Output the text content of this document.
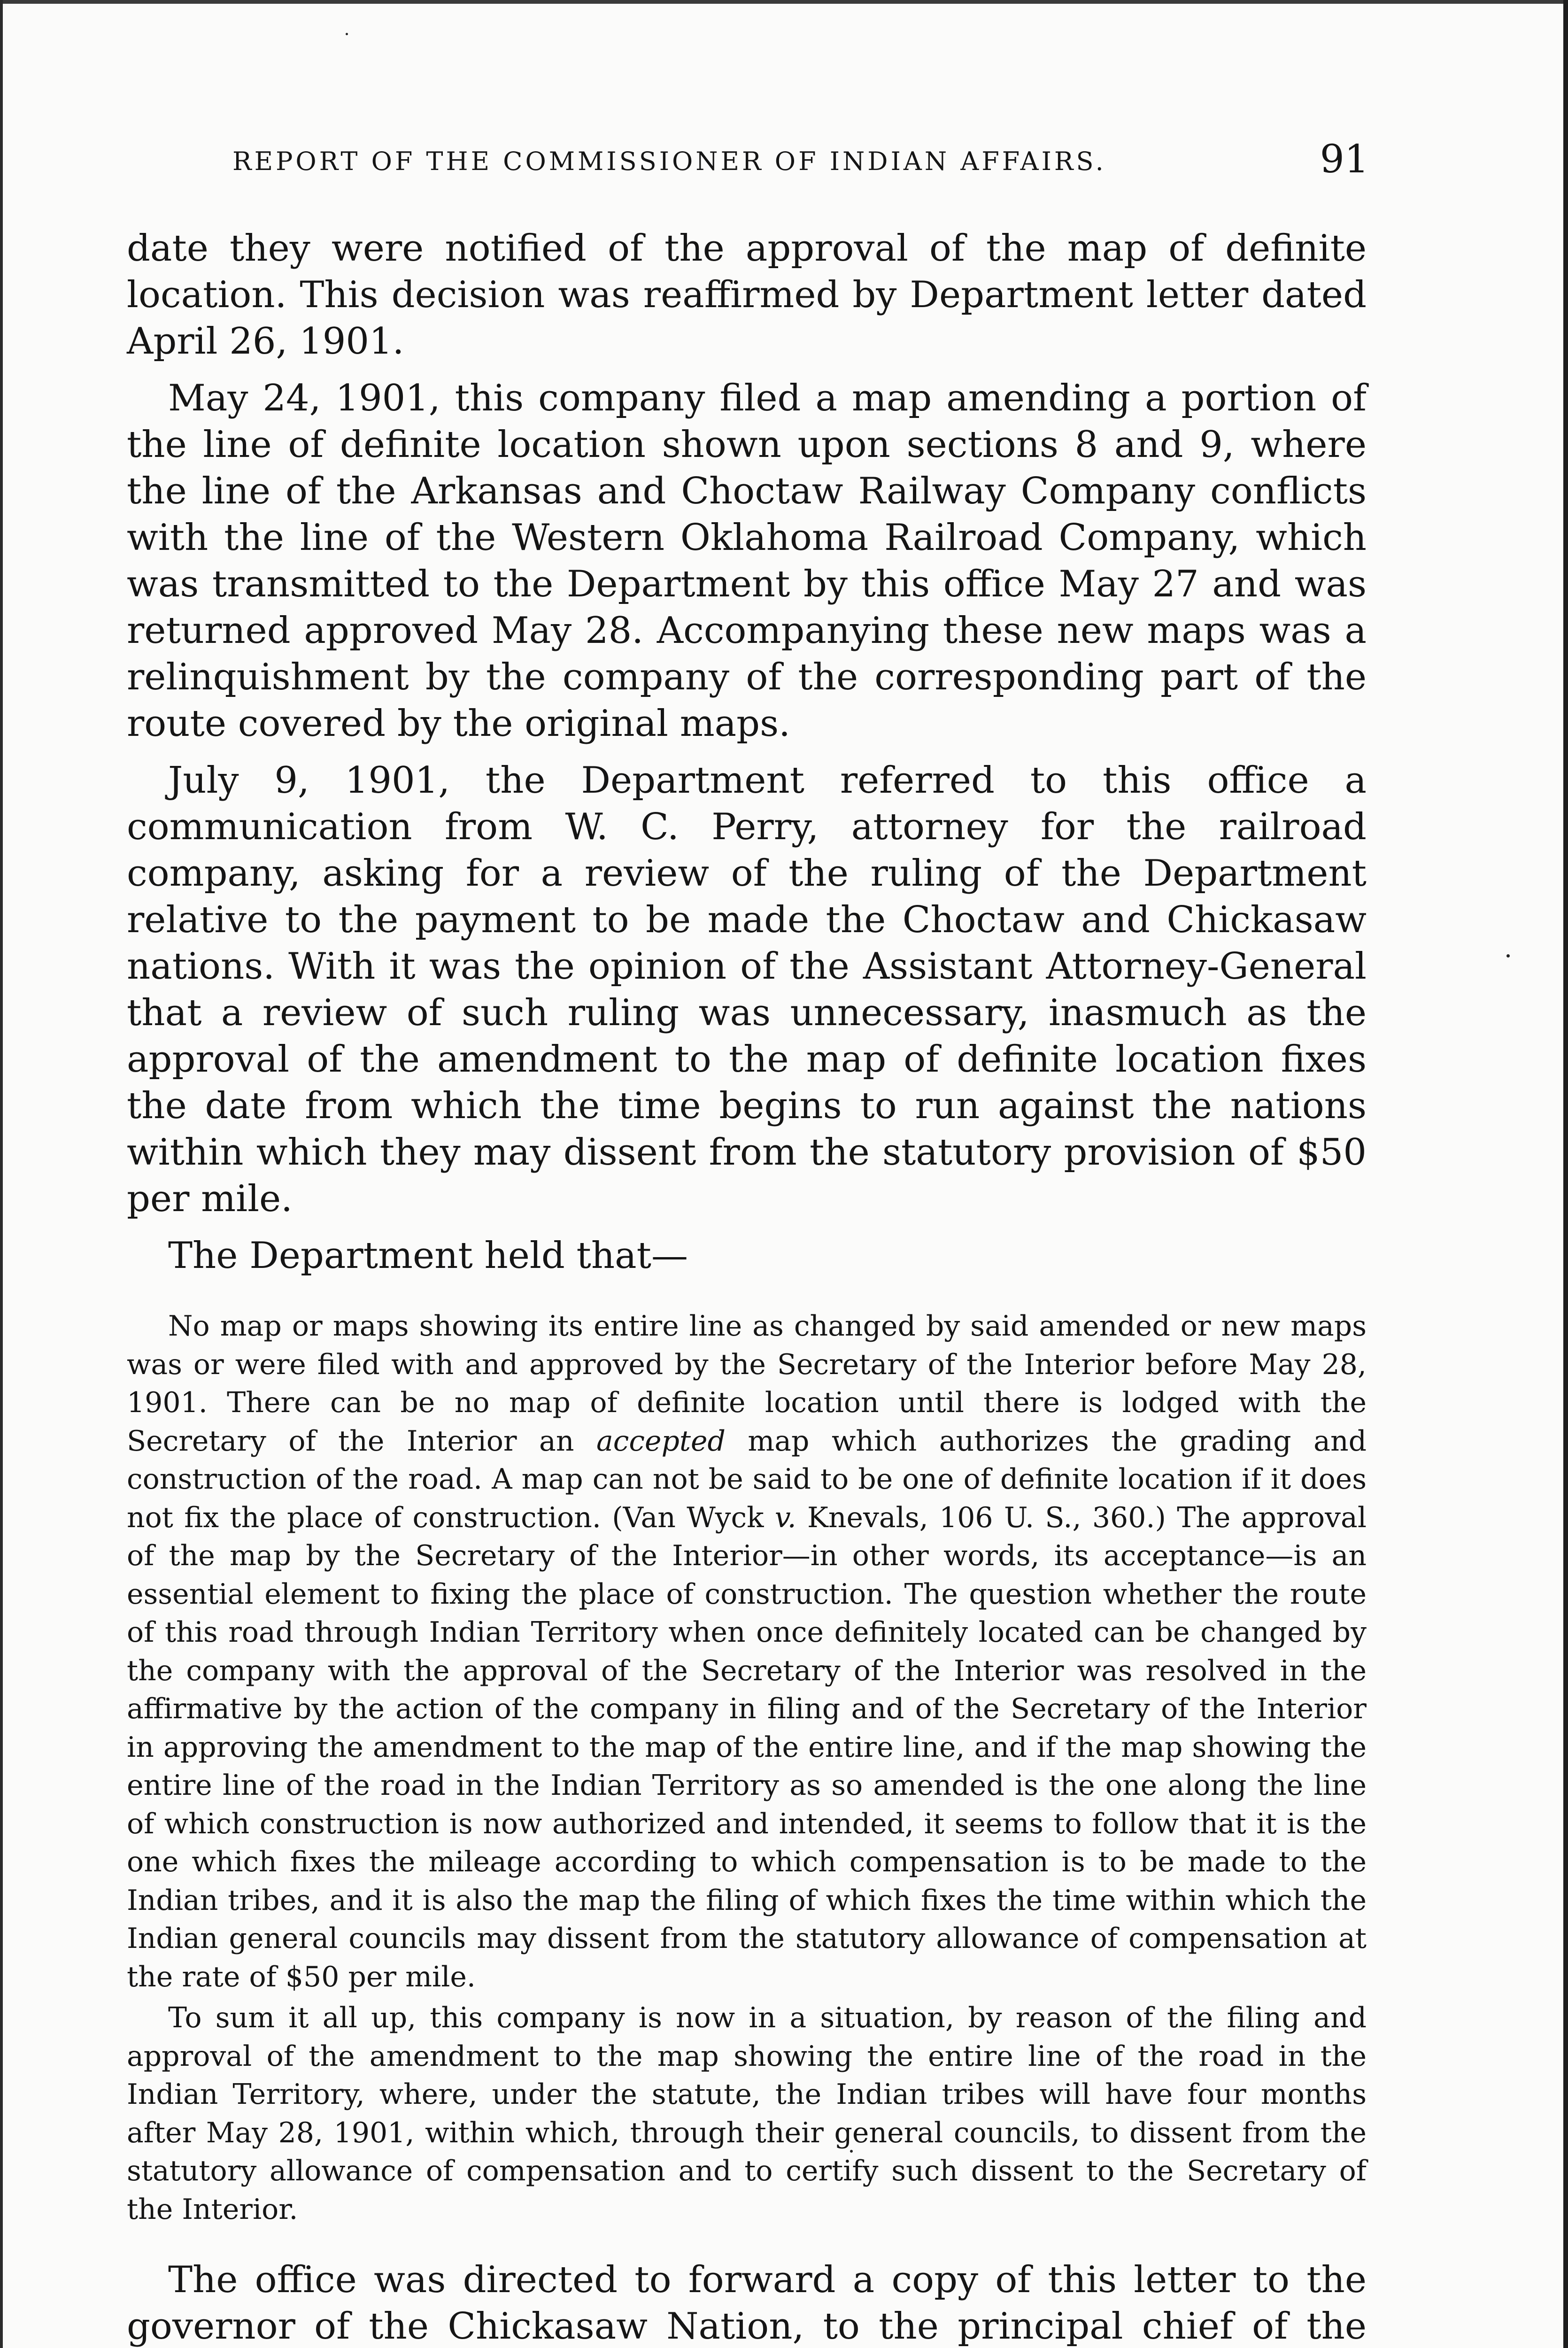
REPORT OF THE COMMISSIONER OF INDIAN AFFAIRS.	91

date they were notified of the approval of the map of definite location. This decision was reaffirmed by Department letter dated April 26, 1901.

May 24, 1901, this company filed a map amending a portion of the line of definite location shown upon sections 8 and 9, where the line of the Arkansas and Choctaw Railway Company conflicts with the line of the Western Oklahoma Railroad Company, which was transmitted to the Department by this office May 27 and was returned approved May 28. Accompanying these new maps was a relinquishment by the company of the corresponding part of the route covered by the original maps.

July 9, 1901, the Department referred to this office a communication from W. C. Perry, attorney for the railroad company, asking for a review of the ruling of the Department relative to the payment to be made the Choctaw and Chickasaw nations. With it was the opinion of the Assistant Attorney-General that a review of such ruling was unnecessary, inasmuch as the approval of the amendment to the map of definite location fixes the date from which the time begins to run against the nations within which they may dissent from the statutory provision of $50 per mile.

The Department held that—

No map or maps showing its entire line as changed by said amended or new maps was or were filed with and approved by the Secretary of the Interior before May 28, 1901. There can be no map of definite location until there is lodged with the Secretary of the Interior an accepted map which authorizes the grading and construction of the road. A map can not be said to be one of definite location if it does not fix the place of construction. (Van Wyck v. Knevals, 106 U. S., 360.) The approval of the map by the Secretary of the Interior—in other words, its acceptance—is an essential element to fixing the place of construction. The question whether the route of this road through Indian Territory when once definitely located can be changed by the company with the approval of the Secretary of the Interior was resolved in the affirmative by the action of the company in filing and of the Secretary of the Interior in approving the amendment to the map of the entire line, and if the map showing the entire line of the road in the Indian Territory as so amended is the one along the line of which construction is now authorized and intended, it seems to follow that it is the one which fixes the mileage according to which compensation is to be made to the Indian tribes, and it is also the map the filing of which fixes the time within which the Indian general councils may dissent from the statutory allowance of compensation at the rate of $50 per mile.

To sum it all up, this company is now in a situation, by reason of the filing and approval of the amendment to the map showing the entire line of the road in the Indian Territory, where, under the statute, the Indian tribes will have four months after May 28, 1901, within which, through their general councils, to dissent from the statutory allowance of compensation and to certify such dissent to the Secretary of the Interior.

The office was directed to forward a copy of this letter to the governor of the Chickasaw Nation, to the principal chief of the
